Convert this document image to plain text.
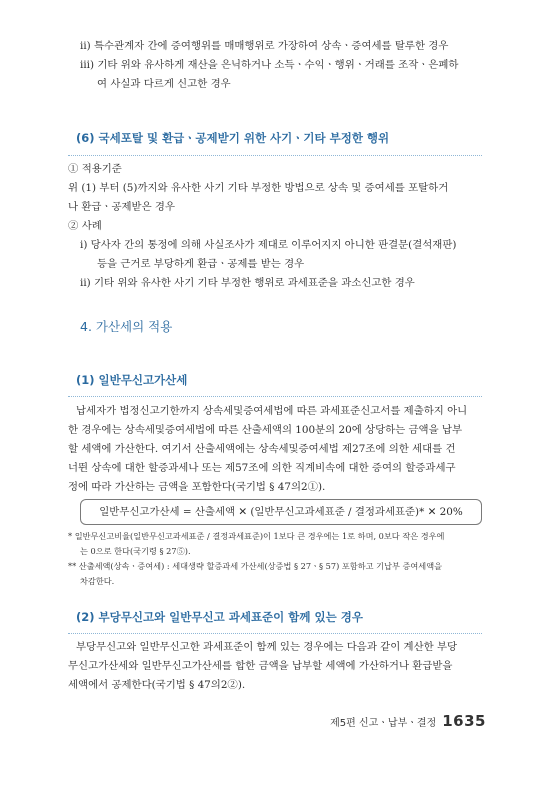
ⅱ) 특수관계자 간에 증여행위를 매매행위로 가장하여 상속ㆍ증여세를 탈루한 경우
ⅲ) 기타 위와 유사하게 재산을 은닉하거나 소득ㆍ수익ㆍ행위ㆍ거래를 조작ㆍ은폐하
여 사실과 다르게 신고한 경우
(6) 국세포탈 및 환급ㆍ공제받기 위한 사기ㆍ기타 부정한 행위
① 적용기준
위 (1) 부터 (5)까지와 유사한 사기 기타 부정한 방법으로 상속 및 증여세를 포탈하거
나 환급ㆍ공제받은 경우
② 사례
ⅰ) 당사자 간의 통정에 의해 사실조사가 제대로 이루어지지 아니한 판결문(결석재판)
등을 근거로 부당하게 환급ㆍ공제를 받는 경우
ⅱ) 기타 위와 유사한 사기 기타 부정한 행위로 과세표준을 과소신고한 경우
4. 가산세의 적용
(1) 일반무신고가산세
납세자가 법정신고기한까지 상속세및증여세법에 따른 과세표준신고서를 제출하지 아니
한 경우에는 상속세및증여세법에 따른 산출세액의 100분의 20에 상당하는 금액을 납부
할 세액에 가산한다. 여기서 산출세액에는 상속세및증여세법 제27조에 의한 세대를 건
너뛴 상속에 대한 할증과세나 또는 제57조에 의한 직계비속에 대한 증여의 할증과세구
정에 따라 가산하는 금액을 포함한다(국기법 § 47의2①).
일반무신고가산세 = 산출세액 ✕ (일반무신고과세표준 / 결정과세표준)* ✕ 20%
* 일반무신고비율(일반무신고과세표준 / 결정과세표준)이 1보다 큰 경우에는 1로 하며, 0보다 작은 경우에
는 0으로 한다(국기령 § 27⑤).
** 산출세액(상속ㆍ증여세) : 세대생략 할증과세 가산세(상증법 § 27ㆍ§ 57) 포함하고 기납부 증여세액을
차감한다.
(2) 부당무신고와 일반무신고 과세표준이 함께 있는 경우
부당무신고와 일반무신고한 과세표준이 함께 있는 경우에는 다음과 같이 계산한 부당
무신고가산세와 일반무신고가산세를 합한 금액을 납부할 세액에 가산하거나 환급받을
세액에서 공제한다(국기법 § 47의2②).
제5편 신고ㆍ납부ㆍ결정 1635
